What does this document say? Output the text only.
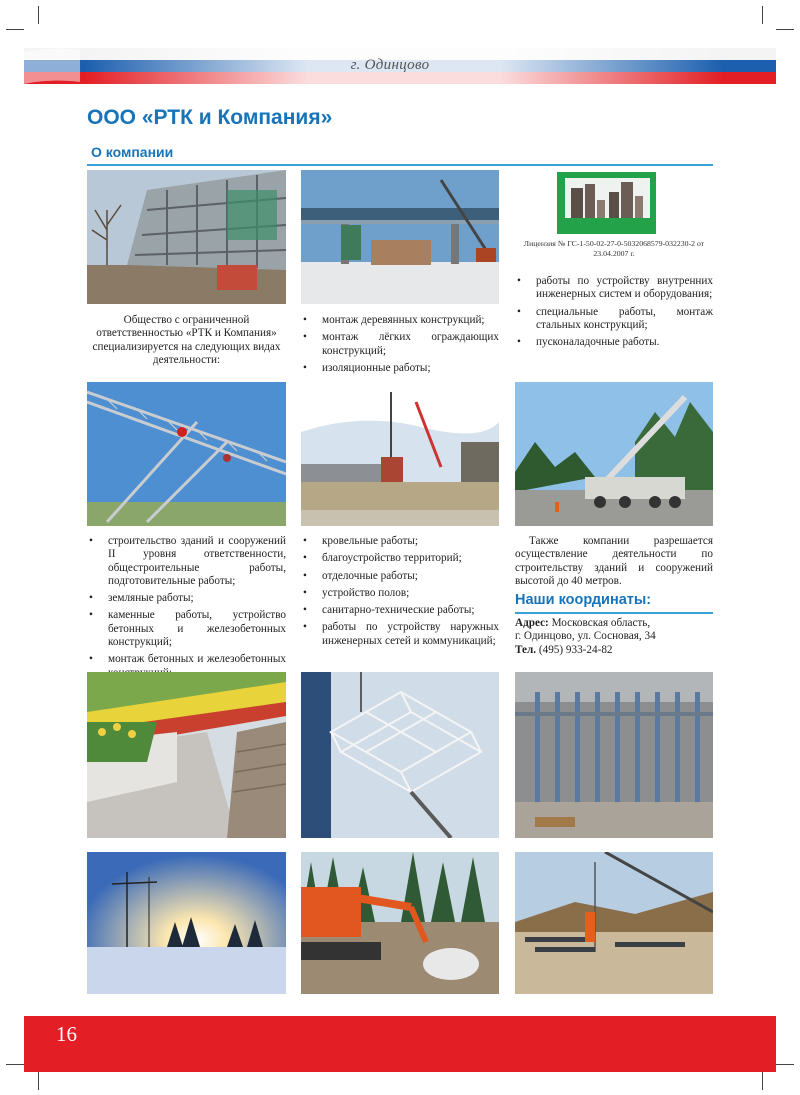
г. Одинцово
ООО «РТК и Компания»
О компании
Лицензия № ГС-1-50-02-27-0-5032068579-032230-2 от 23.04.2007 г.
Общество с ограниченной ответственностью «РТК и Компания» специализируется на следующих видах деятельности:
• монтаж деревянных конструкций;
• монтаж лёгких ограждающих конструкций;
• изоляционные работы;
• работы по устройству внутренних инженерных систем и оборудования;
• специальные работы, монтаж стальных конструкций;
• пусконаладочные работы.
• строительство зданий и сооружений II уровня ответственности, общестроительные работы, подготовительные работы;
• земляные работы;
• каменные работы, устройство бетонных и железобетонных конструкций;
• монтаж бетонных и железобетонных
• кровельные работы;
• благоустройство территорий;
• отделочные работы;
• устройство полов;
• санитарно-технические работы;
• работы по устройству наружных инженерных сетей и коммуникаций;
Также компании разрешается осуществление деятельности по строительству зданий и сооружений высотой до 40 метров.
Наши координаты:
Адрес: Московская область,
г. Одинцово, ул. Сосновая, 34
Тел. (495) 933-24-82
16
